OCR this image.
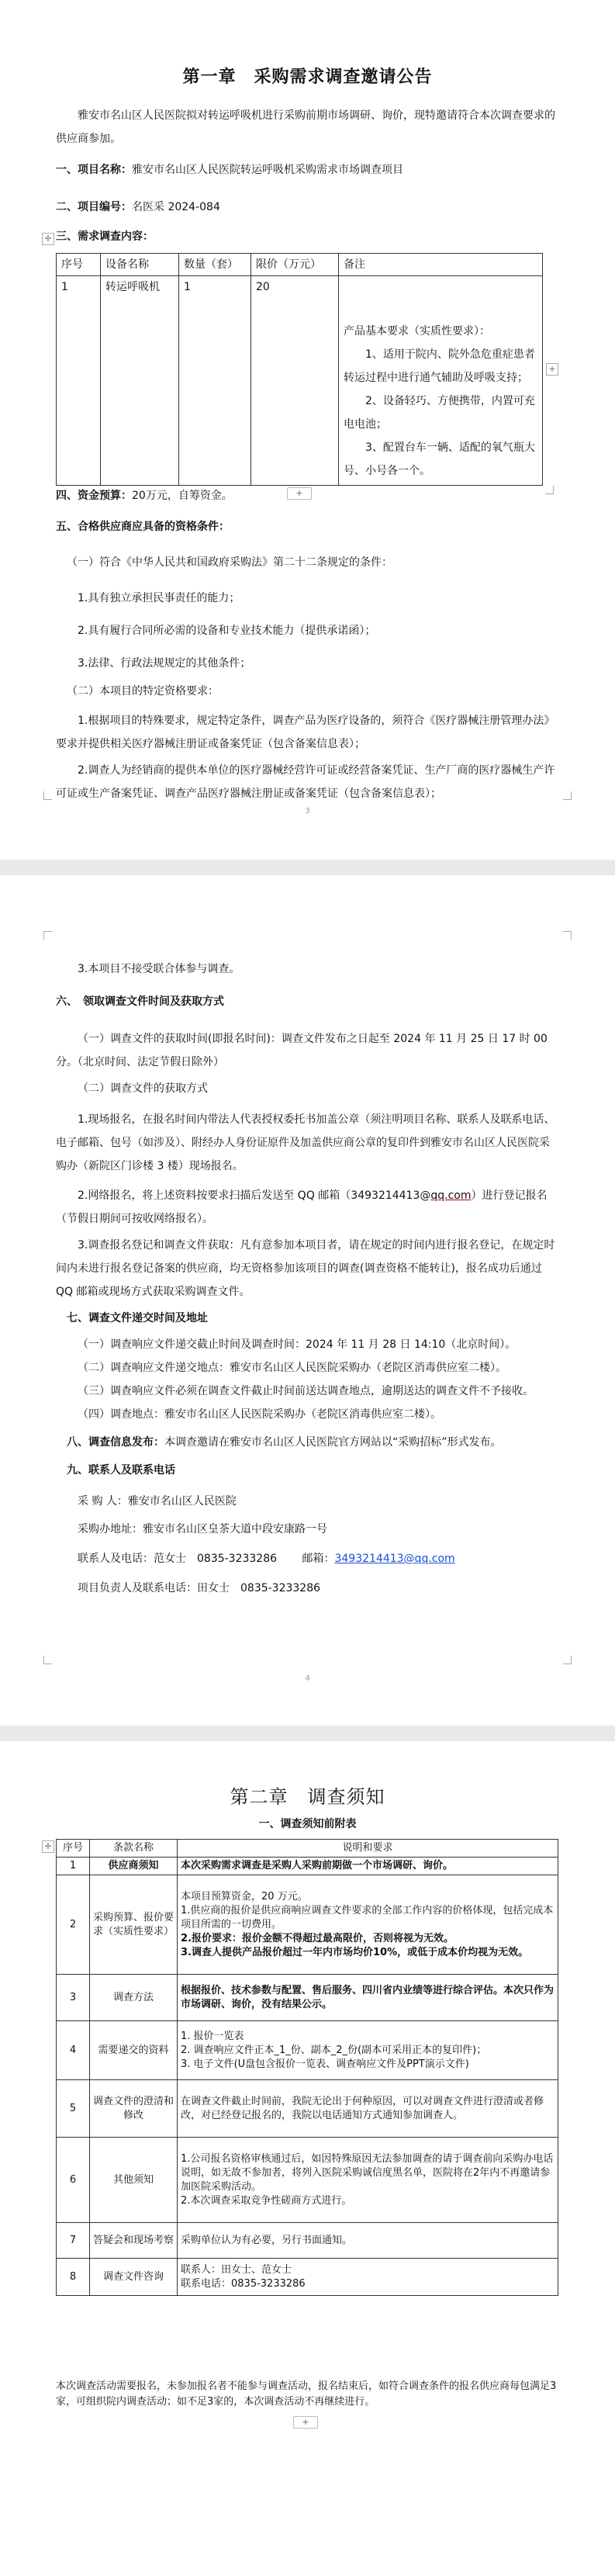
第一章　采购需求调查邀请公告
雅安市名山区人民医院拟对转运呼吸机进行采购前期市场调研、询价，现特邀请符合本次调查要求的供应商参加。
一、项目名称：雅安市名山区人民医院转运呼吸机采购需求市场调查项目
二、项目编号：名医采 2024-084
✛ 三、需求调查内容：
序号	设备名称	数量（套）	限价（万元）	备注
1	转运呼吸机	1	20	产品基本要求（实质性要求）：
1、适用于院内、院外急危重症患者转运过程中进行通气辅助及呼吸支持；
2、设备轻巧、方便携带，内置可充电电池；
3、配置台车一辆、适配的氧气瓶大号、小号各一个。
+
+
四、资金预算：20万元，自筹资金。
五、合格供应商应具备的资格条件：
（一）符合《中华人民共和国政府采购法》第二十二条规定的条件：
1.具有独立承担民事责任的能力；
2.具有履行合同所必需的设备和专业技术能力（提供承诺函）；
3.法律、行政法规规定的其他条件；
（二）本项目的特定资格要求：
1.根据项目的特殊要求，规定特定条件，调查产品为医疗设备的，须符合《医疗器械注册管理办法》要求并提供相关医疗器械注册证或备案凭证（包含备案信息表）；
2.调查人为经销商的提供本单位的医疗器械经营许可证或经营备案凭证、生产厂商的医疗器械生产许可证或生产备案凭证、调查产品医疗器械注册证或备案凭证（包含备案信息表）；
3
3.本项目不接受联合体参与调查。
六、　领取调查文件时间及获取方式
（一）调查文件的获取时间(即报名时间)：调查文件发布之日起至 2024 年 11 月 25 日 17 时 00 分。（北京时间、法定节假日除外）
（二）调查文件的获取方式
1.现场报名，在报名时间内带法人代表授权委托书加盖公章（须注明项目名称、联系人及联系电话、电子邮箱、包号（如涉及）、附经办人身份证原件及加盖供应商公章的复印件到雅安市名山区人民医院采购办（新院区门诊楼 3 楼）现场报名。
2.网络报名，将上述资料按要求扫描后发送至 QQ 邮箱（3493214413@qq.com）进行登记报名（节假日期间可按收网络报名）。
3.调查报名登记和调查文件获取：凡有意参加本项目者，请在规定的时间内进行报名登记，在规定时间内未进行报名登记备案的供应商，均无资格参加该项目的调查(调查资格不能转让)，报名成功后通过 QQ 邮箱或现场方式获取采购调查文件。
七、调查文件递交时间及地址
（一）调查响应文件递交截止时间及调查时间：2024 年 11 月 28 日 14:10（北京时间）。
（二）调查响应文件递交地点：雅安市名山区人民医院采购办（老院区消毒供应室二楼）。
（三）调查响应文件必须在调查文件截止时间前送达调查地点，逾期送达的调查文件不予接收。
（四）调查地点：雅安市名山区人民医院采购办（老院区消毒供应室二楼）。
八、调查信息发布：本调查邀请在雅安市名山区人民医院官方网站以“采购招标”形式发布。
九、联系人及联系电话
采 购 人：雅安市名山区人民医院
采购办地址：雅安市名山区皇茶大道中段安康路一号
联系人及电话：范女士　0835-3233286　　 邮箱：3493214413@qq.com
项目负责人及联系电话：田女士　0835-3233286
4
第二章　调查须知
一、调查须知前附表
序号	条款名称	说明和要求
1	供应商须知	本次采购需求调查是采购人采购前期做一个市场调研、询价。
2	采购预算、报价要求（实质性要求）	本项目预算资金，20 万元。
1.供应商的报价是供应商响应调查文件要求的全部工作内容的价格体现，包括完成本项目所需的一切费用。
2.报价要求：报价金额不得超过最高限价，否则将视为无效。
3.调查人提供产品报价超过一年内市场均价10%，或低于成本价均视为无效。

3	调查方法	根据报价、技术参数与配置、售后服务、四川省内业绩等进行综合评估。本次只作为市场调研、询价，没有结果公示。
4	需要递交的资料	1. 报价一览表
2. 调查响应文件正本_1_份、副本_2_份(副本可采用正本的复印件)；
3. 电子文件(U盘包含报价一览表、调查响应文件及PPT演示文件)

5	调查文件的澄清和修改	在调查文件截止时间前，我院无论出于何种原因，可以对调查文件进行澄清或者修改，对已经登记报名的，我院以电话通知方式通知参加调查人。
6	其他须知	1.公司报名资格审核通过后，如因特殊原因无法参加调查的请于调查前向采购办电话说明，如无故不参加者，将列入医院采购诚信度黑名单，医院将在2年内不再邀请参加医院采购活动。
2.本次调查采取竞争性磋商方式进行。

7	答疑会和现场考察	采购单位认为有必要，另行书面通知。
8	调查文件咨询	联系人：田女士、范女士
联系电话：0835-3233286
✛
本次调查活动需要报名，未参加报名者不能参与调查活动，报名结束后，如符合调查条件的报名供应商每包满足3家，可组织院内调查活动；如不足3家的，本次调查活动不再继续进行。
+
